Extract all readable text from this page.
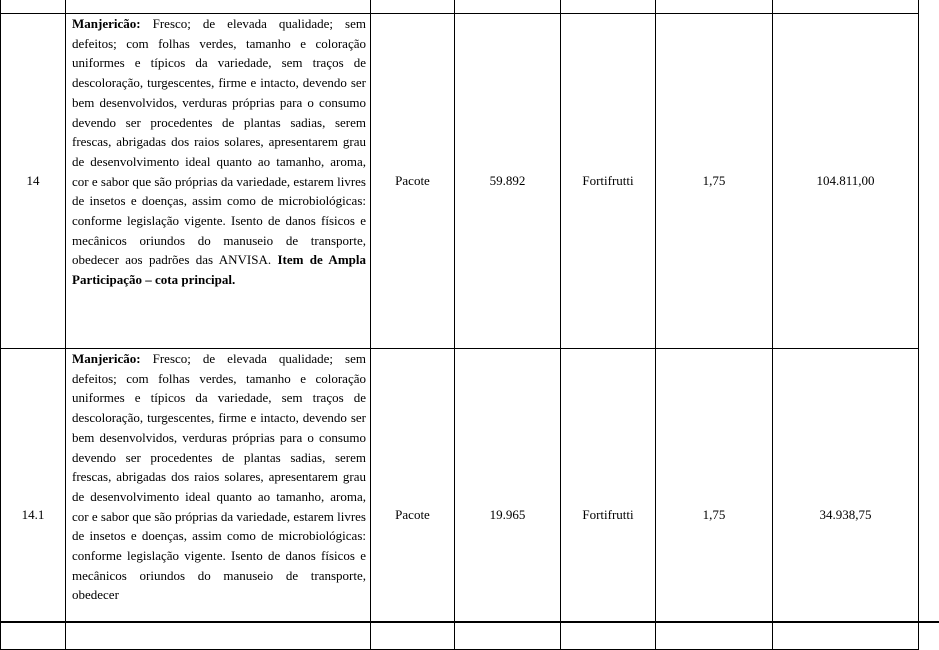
14	Manjericão: Fresco; de elevada qualidade; sem defeitos; com folhas verdes, tamanho e coloração uniformes e típicos da variedade, sem traços de descoloração, turgescentes, firme e intacto, devendo ser bem desenvolvidos, verduras próprias para o consumo devendo ser procedentes de plantas sadias, serem frescas, abrigadas dos raios solares, apresentarem grau de desenvolvimento ideal quanto ao tamanho, aroma, cor e sabor que são próprias da variedade, estarem livres de insetos e doenças, assim como de microbiológicas: conforme legislação vigente. Isento de danos físicos e mecânicos oriundos do manuseio de transporte, obedecer aos padrões das ANVISA. Item de Ampla Participação – cota principal.	Pacote	59.892	Fortifrutti	1,75	104.811,00

14.1	Manjericão: Fresco; de elevada qualidade; sem defeitos; com folhas verdes, tamanho e coloração uniformes e típicos da variedade, sem traços de descoloração, turgescentes, firme e intacto, devendo ser bem desenvolvidos, verduras próprias para o consumo devendo ser procedentes de plantas sadias, serem frescas, abrigadas dos raios solares, apresentarem grau de desenvolvimento ideal quanto ao tamanho, aroma, cor e sabor que são próprias da variedade, estarem livres de insetos e doenças, assim como de microbiológicas: conforme legislação vigente. Isento de danos físicos e mecânicos oriundos do manuseio de transporte, obedecer	Pacote	19.965	Fortifrutti	1,75	34.938,75
